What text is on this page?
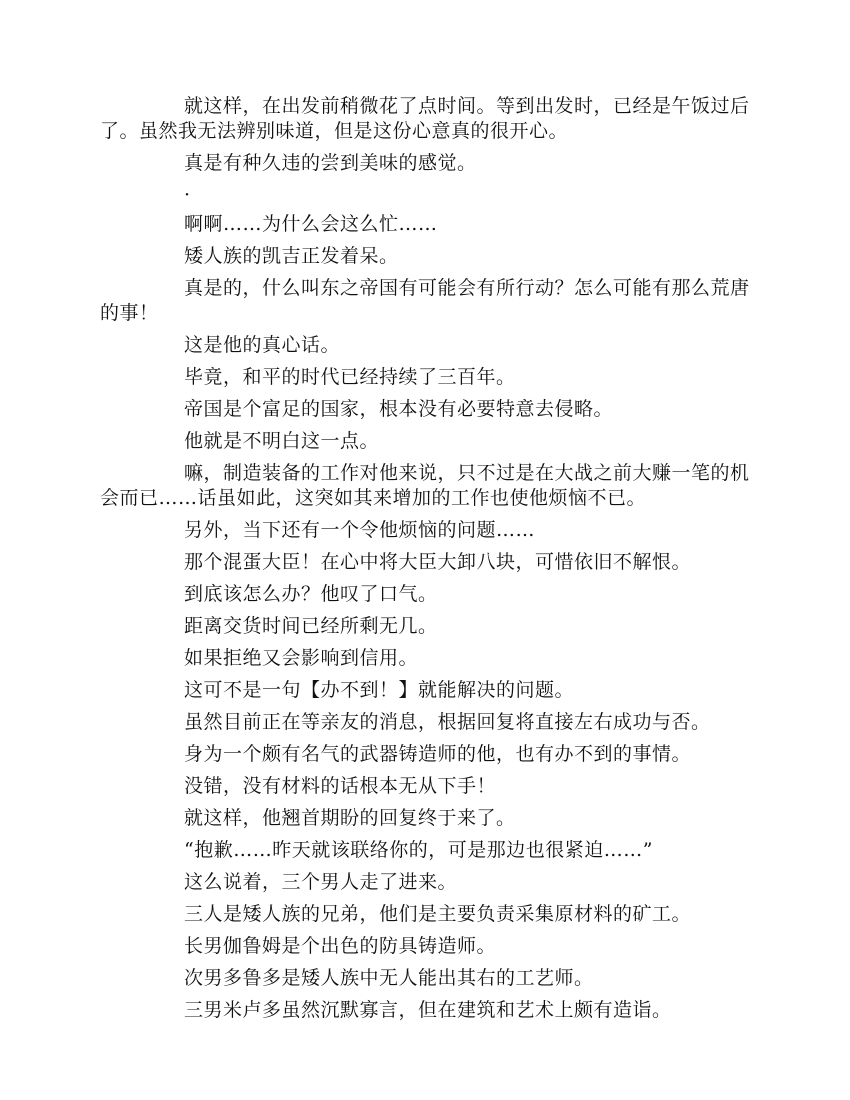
就这样，在出发前稍微花了点时间。等到出发时，已经是午饭过后了。虽然我无法辨别味道，但是这份心意真的很开心。

真是有种久违的尝到美味的感觉。

·

啊啊……为什么会这么忙……

矮人族的凯吉正发着呆。

真是的，什么叫东之帝国有可能会有所行动？怎么可能有那么荒唐的事！

这是他的真心话。

毕竟，和平的时代已经持续了三百年。

帝国是个富足的国家，根本没有必要特意去侵略。

他就是不明白这一点。

嘛，制造装备的工作对他来说，只不过是在大战之前大赚一笔的机会而已……话虽如此，这突如其来增加的工作也使他烦恼不已。

另外，当下还有一个令他烦恼的问题……

那个混蛋大臣！在心中将大臣大卸八块，可惜依旧不解恨。

到底该怎么办？他叹了口气。

距离交货时间已经所剩无几。

如果拒绝又会影响到信用。

这可不是一句【办不到！】就能解决的问题。

虽然目前正在等亲友的消息，根据回复将直接左右成功与否。

身为一个颇有名气的武器铸造师的他，也有办不到的事情。

没错，没有材料的话根本无从下手！

就这样，他翘首期盼的回复终于来了。

“抱歉……昨天就该联络你的，可是那边也很紧迫……”

这么说着，三个男人走了进来。

三人是矮人族的兄弟，他们是主要负责采集原材料的矿工。

长男伽鲁姆是个出色的防具铸造师。

次男多鲁多是矮人族中无人能出其右的工艺师。

三男米卢多虽然沉默寡言，但在建筑和艺术上颇有造诣。
